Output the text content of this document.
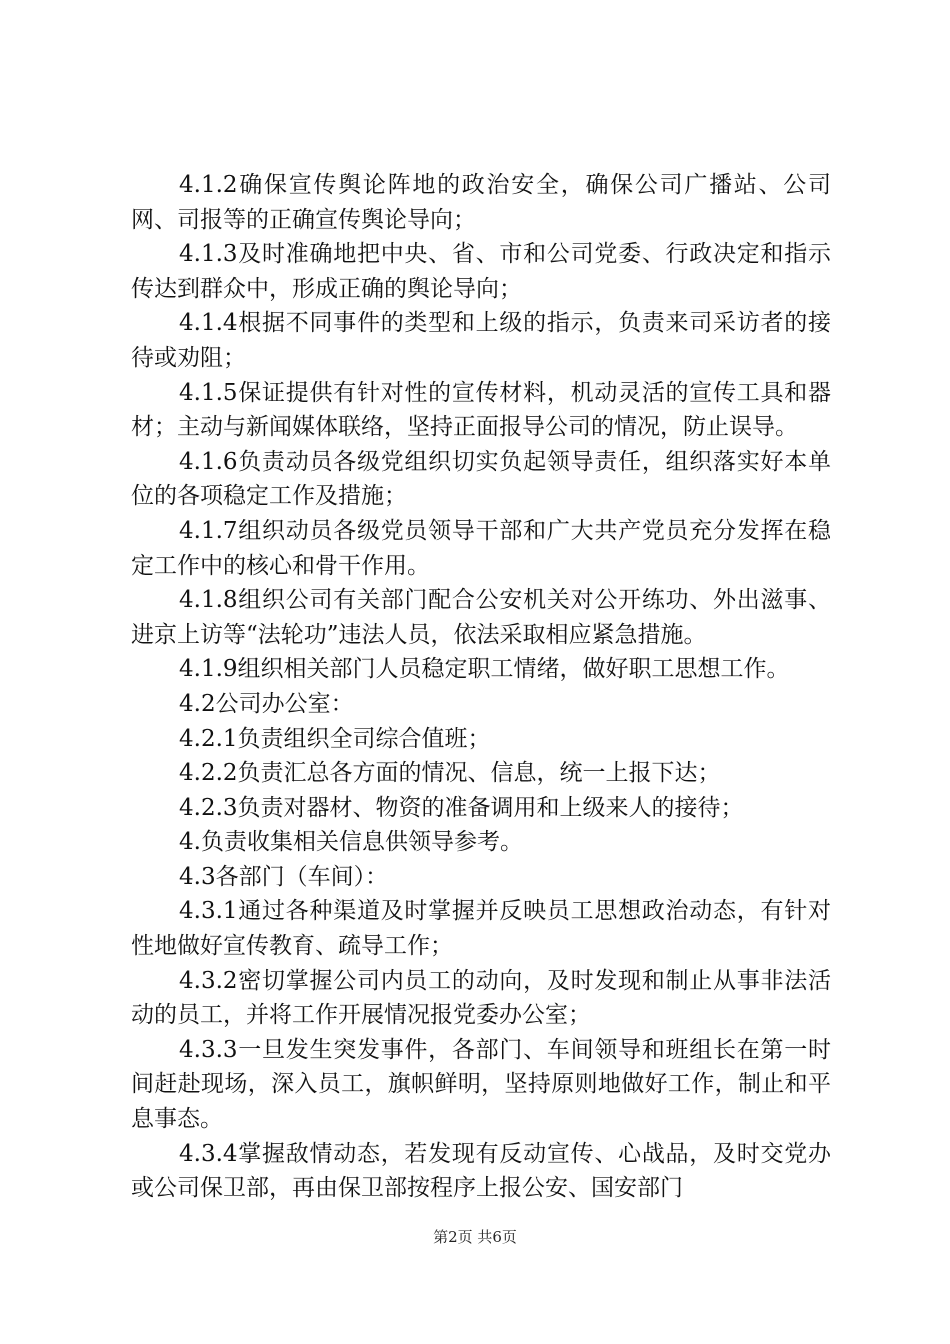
4.1.2确保宣传舆论阵地的政治安全，确保公司广播站、公司网、司报等的正确宣传舆论导向；

4.1.3及时准确地把中央、省、市和公司党委、行政决定和指示传达到群众中，形成正确的舆论导向；

4.1.4根据不同事件的类型和上级的指示，负责来司采访者的接待或劝阻；

4.1.5保证提供有针对性的宣传材料，机动灵活的宣传工具和器材；主动与新闻媒体联络，坚持正面报导公司的情况，防止误导。

4.1.6负责动员各级党组织切实负起领导责任，组织落实好本单位的各项稳定工作及措施；

4.1.7组织动员各级党员领导干部和广大共产党员充分发挥在稳定工作中的核心和骨干作用。

4.1.8组织公司有关部门配合公安机关对公开练功、外出滋事、进京上访等“法轮功”违法人员，依法采取相应紧急措施。

4.1.9组织相关部门人员稳定职工情绪，做好职工思想工作。

4.2公司办公室：

4.2.1负责组织全司综合值班；

4.2.2负责汇总各方面的情况、信息，统一上报下达；

4.2.3负责对器材、物资的准备调用和上级来人的接待；

4.负责收集相关信息供领导参考。

4.3各部门（车间）：

4.3.1通过各种渠道及时掌握并反映员工思想政治动态，有针对性地做好宣传教育、疏导工作；

4.3.2密切掌握公司内员工的动向，及时发现和制止从事非法活动的员工，并将工作开展情况报党委办公室；

4.3.3一旦发生突发事件，各部门、车间领导和班组长在第一时间赶赴现场，深入员工，旗帜鲜明，坚持原则地做好工作，制止和平息事态。

4.3.4掌握敌情动态，若发现有反动宣传、心战品，及时交党办或公司保卫部，再由保卫部按程序上报公安、国安部门

第2页 共6页
